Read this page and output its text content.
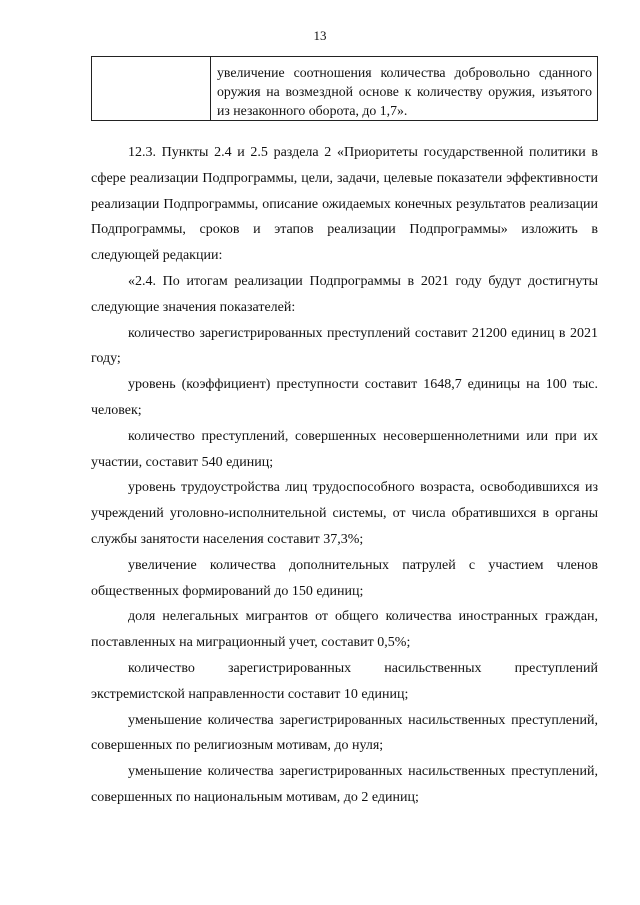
13
	увеличение соотношения количества добровольно сданного оружия на возмездной основе к количеству оружия, изъятого из незаконного оборота, до 1,7».

12.3. Пункты 2.4 и 2.5 раздела 2 «Приоритеты государственной политики в сфере реализации Подпрограммы, цели, задачи, целевые показатели эффективности реализации Подпрограммы, описание ожидаемых конечных результатов реализации Подпрограммы, сроков и этапов реализации Подпрограммы» изложить в следующей редакции:

«2.4. По итогам реализации Подпрограммы в 2021 году будут достигнуты следующие значения показателей:

количество зарегистрированных преступлений составит 21200 единиц в 2021 году;

уровень (коэффициент) преступности составит 1648,7 единицы на 100 тыс. человек;

количество преступлений, совершенных несовершеннолетними или при их участии, составит 540 единиц;

уровень трудоустройства лиц трудоспособного возраста, освободившихся из учреждений уголовно-исполнительной системы, от числа обратившихся в органы службы занятости населения составит 37,3%;

увеличение количества дополнительных патрулей с участием членов общественных формирований до 150 единиц;

доля нелегальных мигрантов от общего количества иностранных граждан, поставленных на миграционный учет, составит 0,5%;

количество зарегистрированных насильственных преступлений экстремистской направленности составит 10 единиц;

уменьшение количества зарегистрированных насильственных преступлений, совершенных по религиозным мотивам, до нуля;

уменьшение количества зарегистрированных насильственных преступлений, совершенных по национальным мотивам, до 2 единиц;
